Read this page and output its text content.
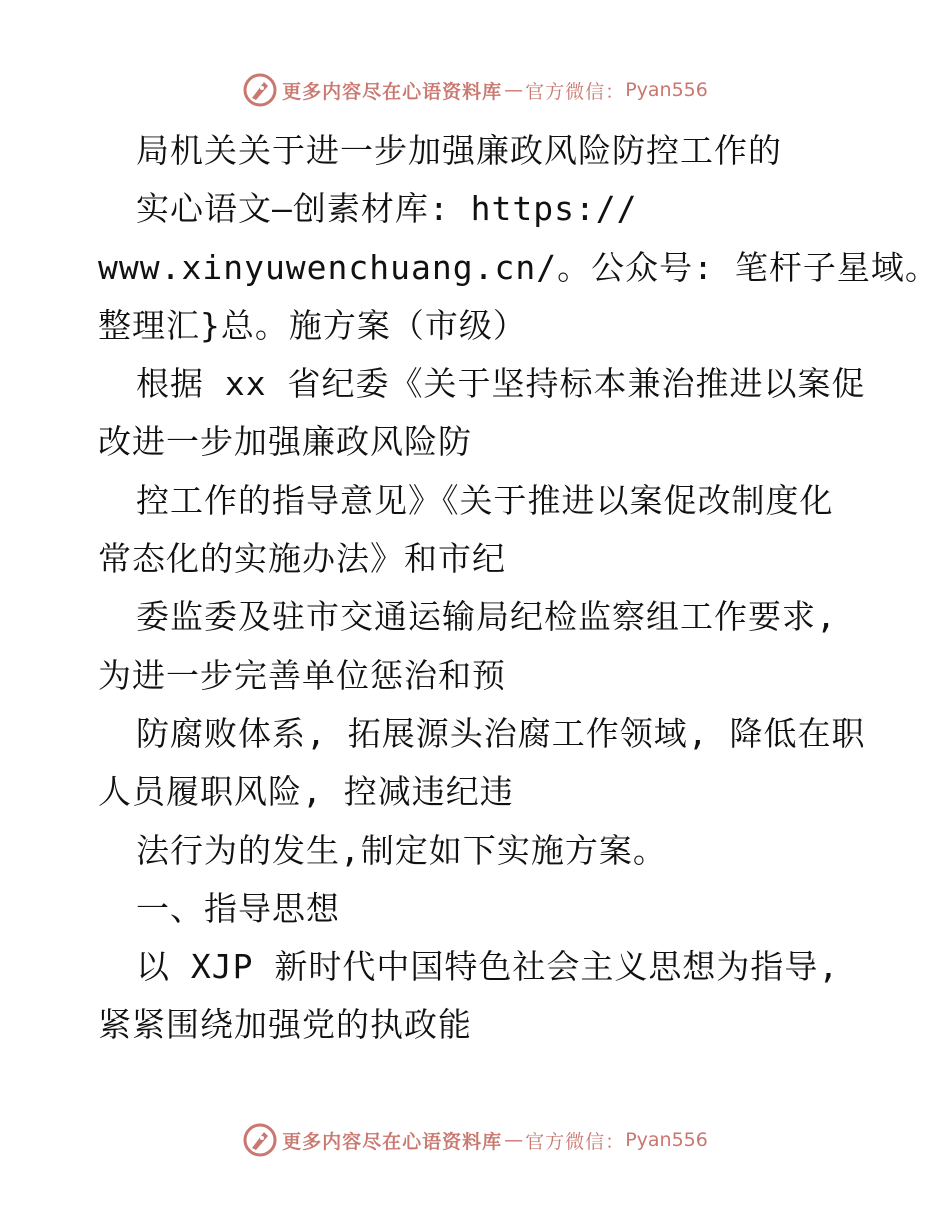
更多内容尽在心语资料库 — 官方微信： Pyan556
局机关关于进一步加强廉政风险防控工作的
实心语文—创素材库: https://
www.xinyuwenchuang.cn/。公众号: 笔杆子星域。
整理汇}总。施方案（市级）
根据 xx 省纪委《关于坚持标本兼治推进以案促
改进一步加强廉政风险防
控工作的指导意见》《关于推进以案促改制度化
常态化的实施办法》和市纪
委监委及驻市交通运输局纪检监察组工作要求,
为进一步完善单位惩治和预
防腐败体系, 拓展源头治腐工作领域, 降低在职
人员履职风险, 控减违纪违
法行为的发生,制定如下实施方案。
一、指导思想
以 XJP 新时代中国特色社会主义思想为指导,
紧紧围绕加强党的执政能
更多内容尽在心语资料库 — 官方微信： Pyan556
